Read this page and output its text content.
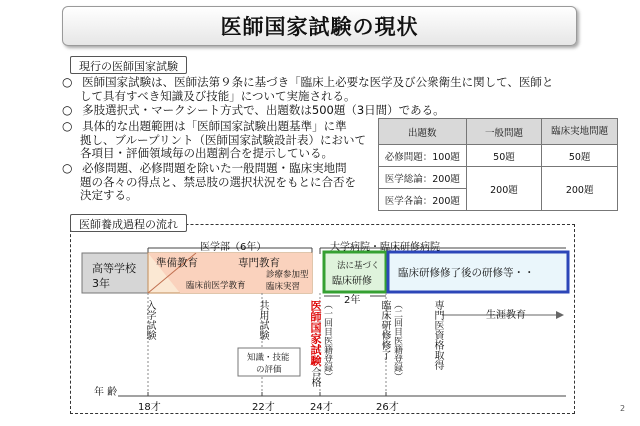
医師国家試験の現状
現行の医師国家試験
○ 医師国家試験は、医師法第９条に基づき「臨床上必要な医学及び公衆衛生に関して、医師と
して具有すべき知識及び技能」について実施される。
○ 多肢選択式・マークシート方式で、出題数は500題（3日間）である。
○ 具体的な出題範囲は「医師国家試験出題基準」に準
拠し、ブループリント（医師国家試験設計表）において
各項目・評価領域毎の出題割合を提示している。
○ 必修問題、必修問題を除いた一般問題・臨床実地問
題の各々の得点と、禁忌肢の選択状況をもとに合否を
決定する。
出題数	一般問題	臨床実地問題
必修問題：100題	50題	50題
医学総論：200題	200題	200題
医学各論：200題		
医師養成過程の流れ
医学部（6年）	大学病院・臨床研修病院
高等学校
3年
準備教育	専門教育
臨床前医学教育
診療参加型
臨床実習
法に基づく
臨床研修
臨床研修修了後の研修等・・
2年
入学試験	共用試験
知識・技能
の評価
医師国家試験
合格 （一回目医籍登録）	臨床研修修了 （二回目医籍登録）	専門医資格取得	生涯教育
年 齢
18才	22才	24才	26才	2
